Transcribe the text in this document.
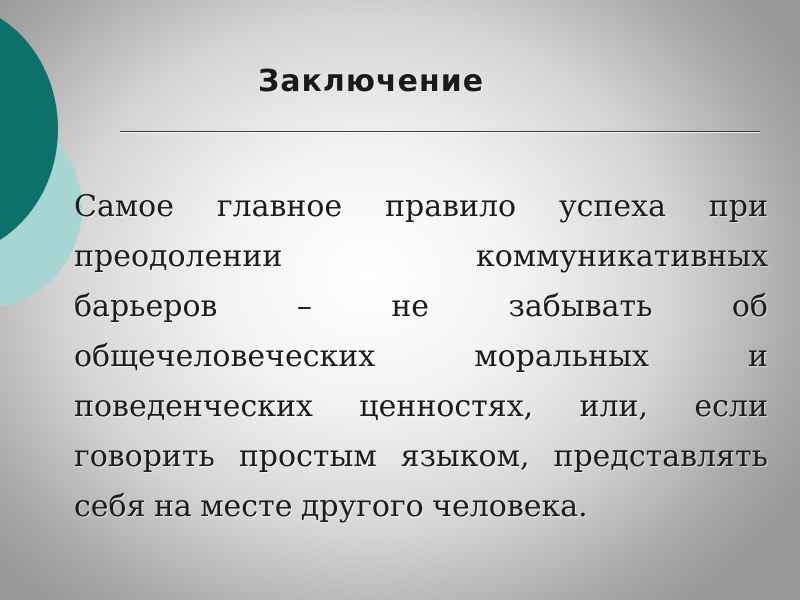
Заключение
Самое главное правило успеха при
преодолении	коммуникативных
барьеров	–	не	забывать	об
общечеловеческих	моральных	и
поведенческих ценностях, или, если
говорить простым языком, представлять
себя на месте другого человека.
